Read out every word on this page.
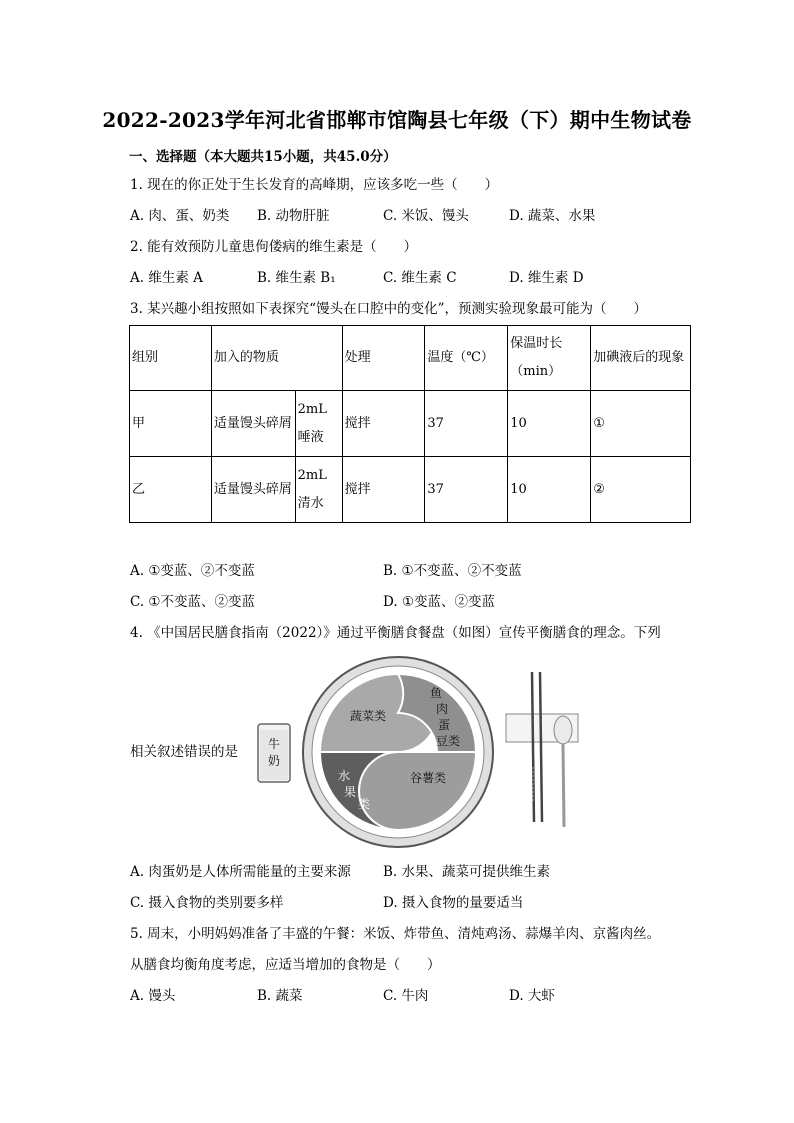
2022-2023学年河北省邯郸市馆陶县七年级（下）期中生物试卷
一、选择题（本大题共15小题，共45.0分）
1. 现在的你正处于生长发育的高峰期，应该多吃一些（　　）
A. 肉、蛋、奶类 B. 动物肝脏	C. 米饭、馒头	D. 蔬菜、水果
2. 能有效预防儿童患佝偻病的维生素是（　　）
A. 维生素 A	B. 维生素 B₁	C. 维生素 C	D. 维生素 D
3. 某兴趣小组按照如下表探究“馒头在口腔中的变化”，预测实验现象最可能为（　　）
组别	加入的物质		处理	温度（℃）	保温时长（min）	加碘液后的现象
甲	适量馒头碎屑	2mL唾液	搅拌	37	10	①
乙	适量馒头碎屑	2mL清水	搅拌	37	10	②
A. ①变蓝、②不变蓝	B. ①不变蓝、②不变蓝
C. ①不变蓝、②变蓝	D. ①变蓝、②变蓝
4. 《中国居民膳食指南（2022）》通过平衡膳食餐盘（如图）宣传平衡膳食的理念。下列
相关叙述错误的是 牛
奶
蔬菜类
谷薯类
鱼
肉
蛋
豆类
水
果
类
A. 肉蛋奶是人体所需能量的主要来源 B. 水果、蔬菜可提供维生素
C. 摄入食物的类别要多样	D. 摄入食物的量要适当
5. 周末，小明妈妈准备了丰盛的午餐：米饭、炸带鱼、清炖鸡汤、蒜爆羊肉、京酱肉丝。
从膳食均衡角度考虑，应适当增加的食物是（　　）
A. 馒头	B. 蔬菜	C. 牛肉	D. 大虾
